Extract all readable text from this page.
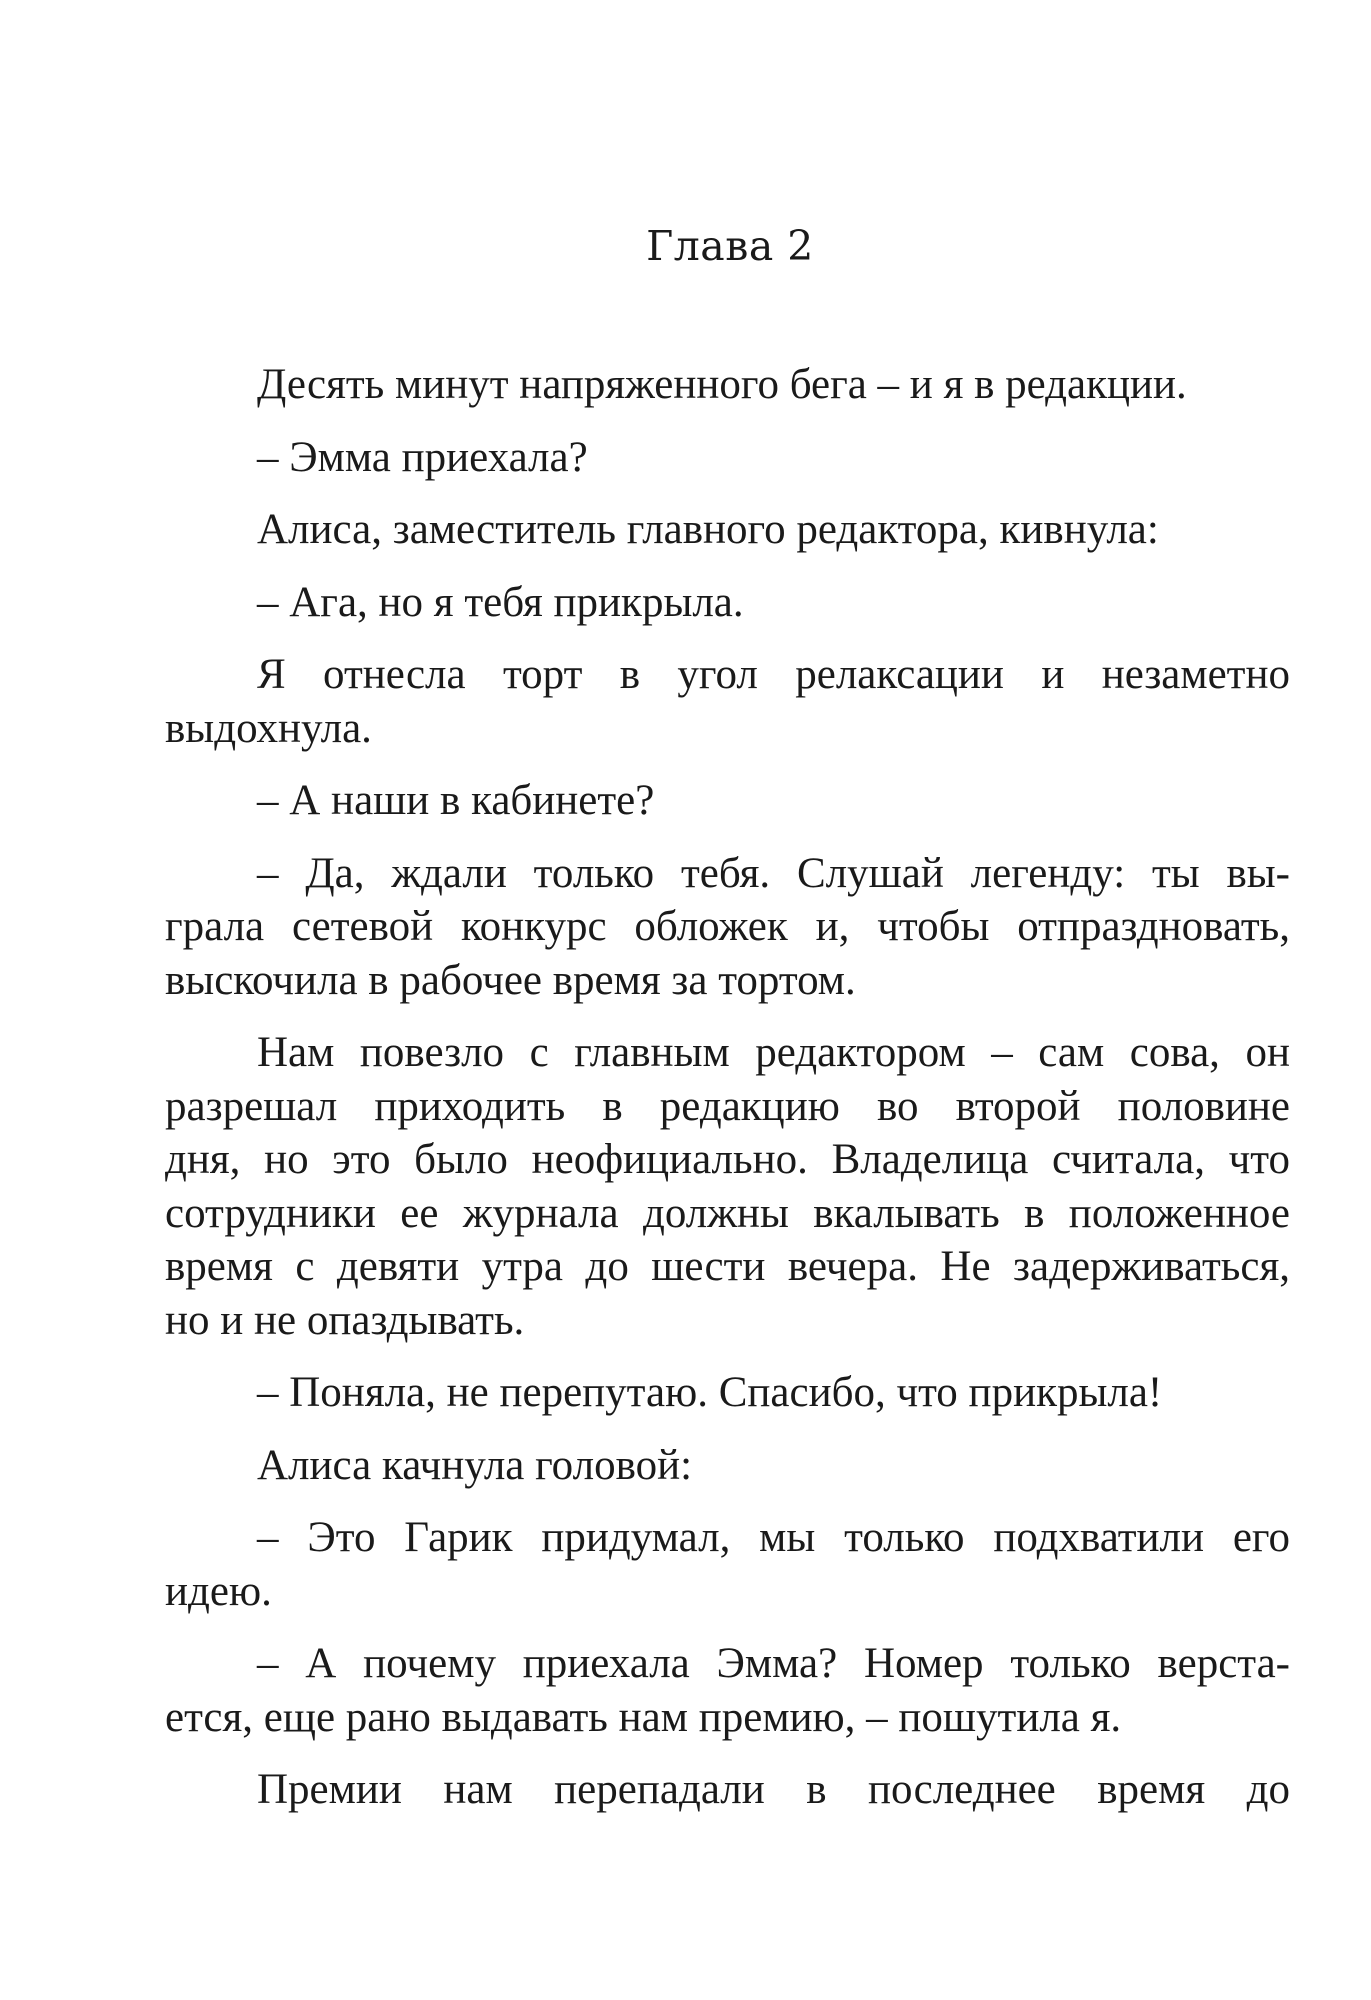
Глава 2

Десять минут напряженного бега – и я в редакции.

– Эмма приехала?

Алиса, заместитель главного редактора, кивнула:

– Ага, но я тебя прикрыла.

Я отнесла торт в угол релаксации и незаметно
выдохнула.

– А наши в кабинете?

– Да, ждали только тебя. Слушай легенду: ты вы-
грала сетевой конкурс обложек и, чтобы отпраздновать,
выскочила в рабочее время за тортом.

Нам повезло с главным редактором – сам сова, он
разрешал приходить в редакцию во второй половине
дня, но это было неофициально. Владелица считала, что
сотрудники ее журнала должны вкалывать в положенное
время с девяти утра до шести вечера. Не задерживаться,
но и не опаздывать.

– Поняла, не перепутаю. Спасибо, что прикрыла!

Алиса качнула головой:

– Это Гарик придумал, мы только подхватили его
идею.

– А почему приехала Эмма? Номер только верста-
ется, еще рано выдавать нам премию, – пошутила я.

Премии нам перепадали в последнее время до
